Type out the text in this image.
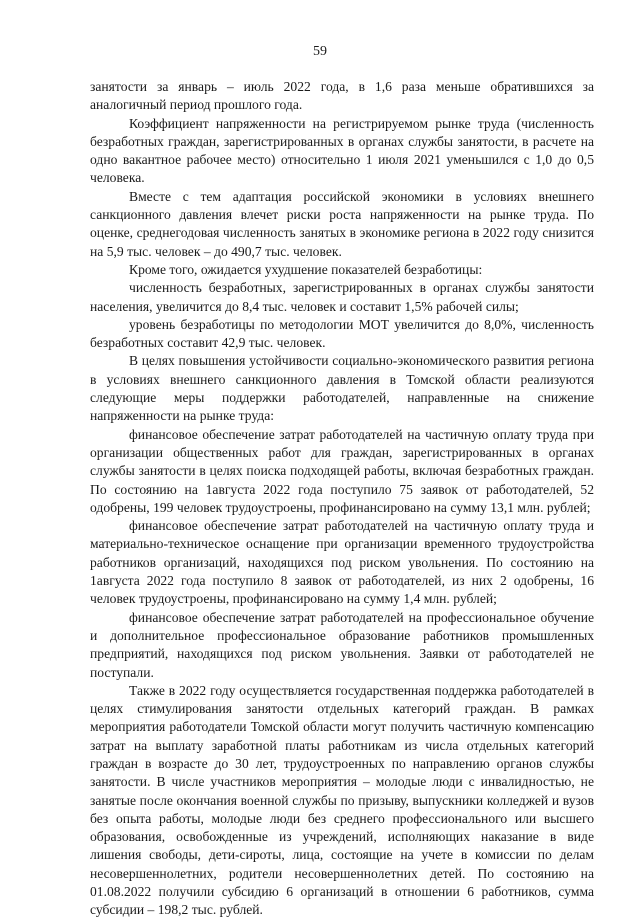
59

занятости за январь – июль 2022 года, в 1,6 раза меньше обратившихся за аналогичный период прошлого года.

Коэффициент напряженности на регистрируемом рынке труда (численность безработных граждан, зарегистрированных в органах службы занятости, в расчете на одно вакантное рабочее место) относительно 1 июля 2021 уменьшился с 1,0 до 0,5 человека.

Вместе с тем адаптация российской экономики в условиях внешнего санкционного давления влечет риски роста напряженности на рынке труда. По оценке, среднегодовая численность занятых в экономике региона в 2022 году снизится на 5,9 тыс. человек – до 490,7 тыс. человек.

Кроме того, ожидается ухудшение показателей безработицы:

численность безработных, зарегистрированных в органах службы занятости населения, увеличится до 8,4 тыс. человек и составит 1,5% рабочей силы;

уровень безработицы по методологии МОТ увеличится до 8,0%, численность безработных составит 42,9 тыс. человек.

В целях повышения устойчивости социально-экономического развития региона в условиях внешнего санкционного давления в Томской области реализуются следующие меры поддержки работодателей, направленные на снижение напряженности на рынке труда:

финансовое обеспечение затрат работодателей на частичную оплату труда при организации общественных работ для граждан, зарегистрированных в органах службы занятости в целях поиска подходящей работы, включая безработных граждан. По состоянию на 1августа 2022 года поступило 75 заявок от работодателей, 52 одобрены, 199 человек трудоустроены, профинансировано на сумму 13,1 млн. рублей;

финансовое обеспечение затрат работодателей на частичную оплату труда и материально-техническое оснащение при организации временного трудоустройства работников организаций, находящихся под риском увольнения. По состоянию на 1августа 2022 года поступило 8 заявок от работодателей, из них 2 одобрены, 16 человек трудоустроены, профинансировано на сумму 1,4 млн. рублей;

финансовое обеспечение затрат работодателей на профессиональное обучение и дополнительное профессиональное образование работников промышленных предприятий, находящихся под риском увольнения. Заявки от работодателей не поступали.

Также в 2022 году осуществляется государственная поддержка работодателей в целях стимулирования занятости отдельных категорий граждан. В рамках мероприятия работодатели Томской области могут получить частичную компенсацию затрат на выплату заработной платы работникам из числа отдельных категорий граждан в возрасте до 30 лет, трудоустроенных по направлению органов службы занятости. В числе участников мероприятия – молодые люди с инвалидностью, не занятые после окончания военной службы по призыву, выпускники колледжей и вузов без опыта работы, молодые люди без среднего профессионального или высшего образования, освобожденные из учреждений, исполняющих наказание в виде лишения свободы, дети-сироты, лица, состоящие на учете в комиссии по делам несовершеннолетних, родители несовершеннолетних детей. По состоянию на 01.08.2022 получили субсидию 6 организаций в отношении 6 работников, сумма субсидии – 198,2 тыс. рублей.
